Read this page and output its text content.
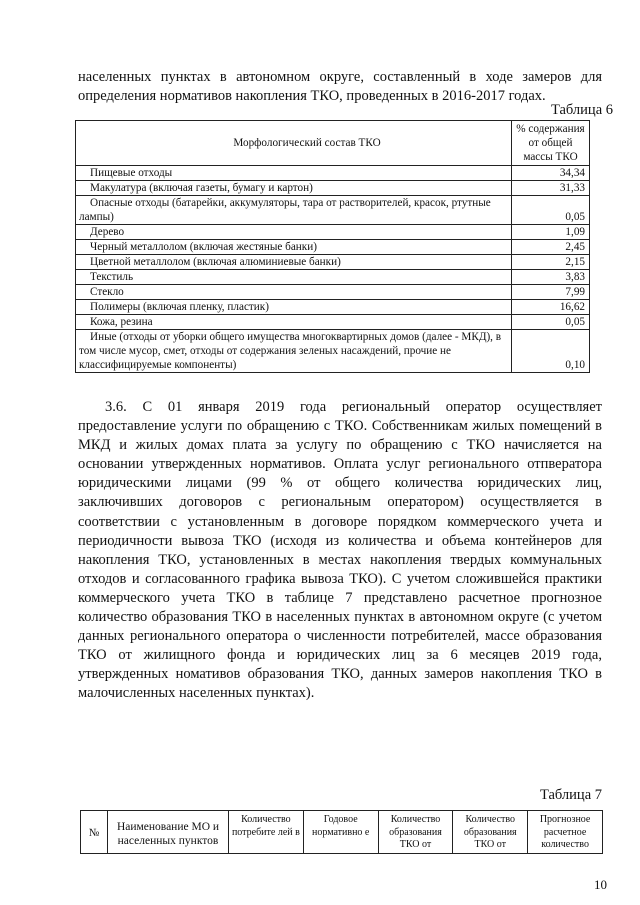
населенных пунктах в автономном округе, составленный в ходе замеров для определения нормативов накопления ТКО, проведенных в 2016-2017 годах.
Таблица 6
Морфологический состав ТКО	% содержания
от общей
массы ТКО

Пищевые отходы	34,34
Макулатура (включая газеты, бумагу и картон)	31,33
Опасные отходы (батарейки, аккумуляторы, тара от растворителей, красок, ртутные лампы)	0,05
Дерево	1,09
Черный металлолом (включая жестяные банки)	2,45
Цветной металлолом (включая алюминиевые банки)	2,15
Текстиль	3,83
Стекло	7,99
Полимеры (включая пленку, пластик)	16,62
Кожа, резина	0,05
Иные (отходы от уборки общего имущества многоквартирных домов (далее - МКД), в том числе мусор, смет, отходы от содержания зеленых насаждений, прочие не классифицируемые компоненты)	0,10
3.6. С 01 января 2019 года региональный оператор осуществляет предоставление услуги по обращению с ТКО. Собственникам жилых помещений в МКД и жилых домах плата за услугу по обращению с ТКО начисляется на основании утвержденных нормативов. Оплата услуг регионального отпвератора юридическими лицами (99 % от общего количества юридических лиц, заключивших договоров с региональным оператором) осуществляется в соответствии с установленным в договоре порядком коммерческого учета и периодичности вывоза ТКО (исходя из количества и объема контейнеров для накопления ТКО, установленных в местах накопления твердых коммунальных отходов и согласованного графика вывоза ТКО). С учетом сложившейся практики коммерческого учета ТКО в таблице 7 представлено расчетное прогнозное количество образования ТКО в населенных пунктах в автономном округе (с учетом данных регионального оператора о численности потребителей, массе образования ТКО от жилищного фонда и юридических лиц за 6 месяцев 2019 года, утвержденных номативов образования ТКО, данных замеров накопления ТКО в малочисленных населенных пунктах).
Таблица 7
№	Наименование МО и населенных пунктов	Количество потребите лей в	Годовое нормативно е	Количество образования ТКО от	Количество образования ТКО от	Прогнозное расчетное количество
10
